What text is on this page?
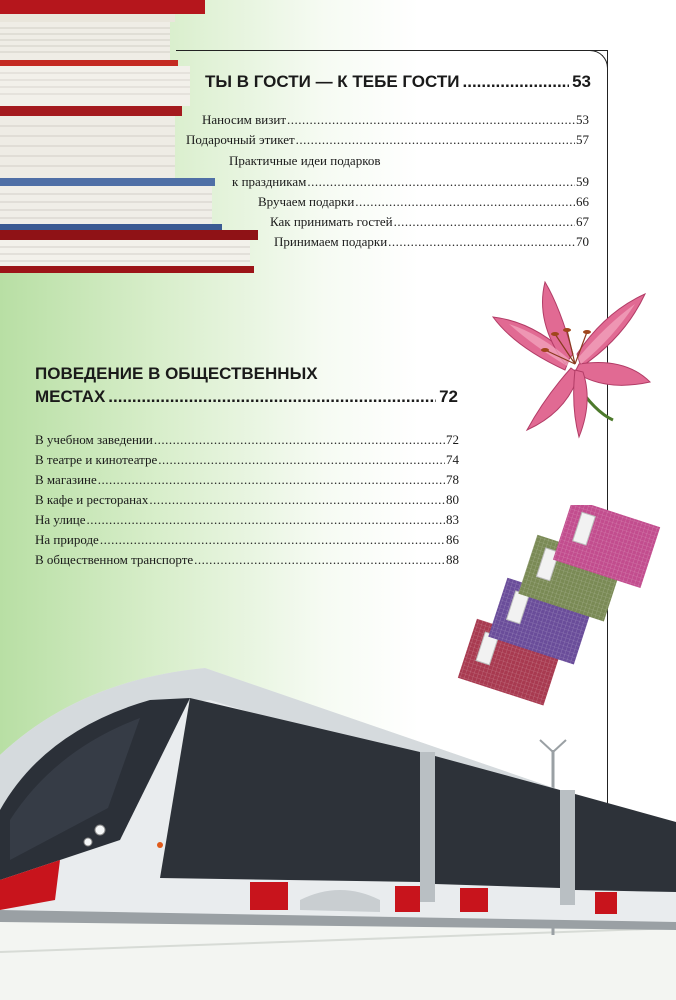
ТЫ В ГОСТИ — К ТЕБЕ ГОСТИ .....	53
Наносим визит .....	53
Подарочный этикет .....	57
Практичные идеи подарков
к праздникам .....	59
Вручаем подарки .....	66
Как принимать гостей .....	67
Принимаем подарки .....	70
ПОВЕДЕНИЕ В ОБЩЕСТВЕННЫХ
МЕСТАХ .....	72
В учебном заведении .....	72
В театре и кинотеатре .....	74
В магазине .....	78
В кафе и ресторанах .....	80
На улице .....	83
На природе .....	86
В общественном транспорте .....	88
